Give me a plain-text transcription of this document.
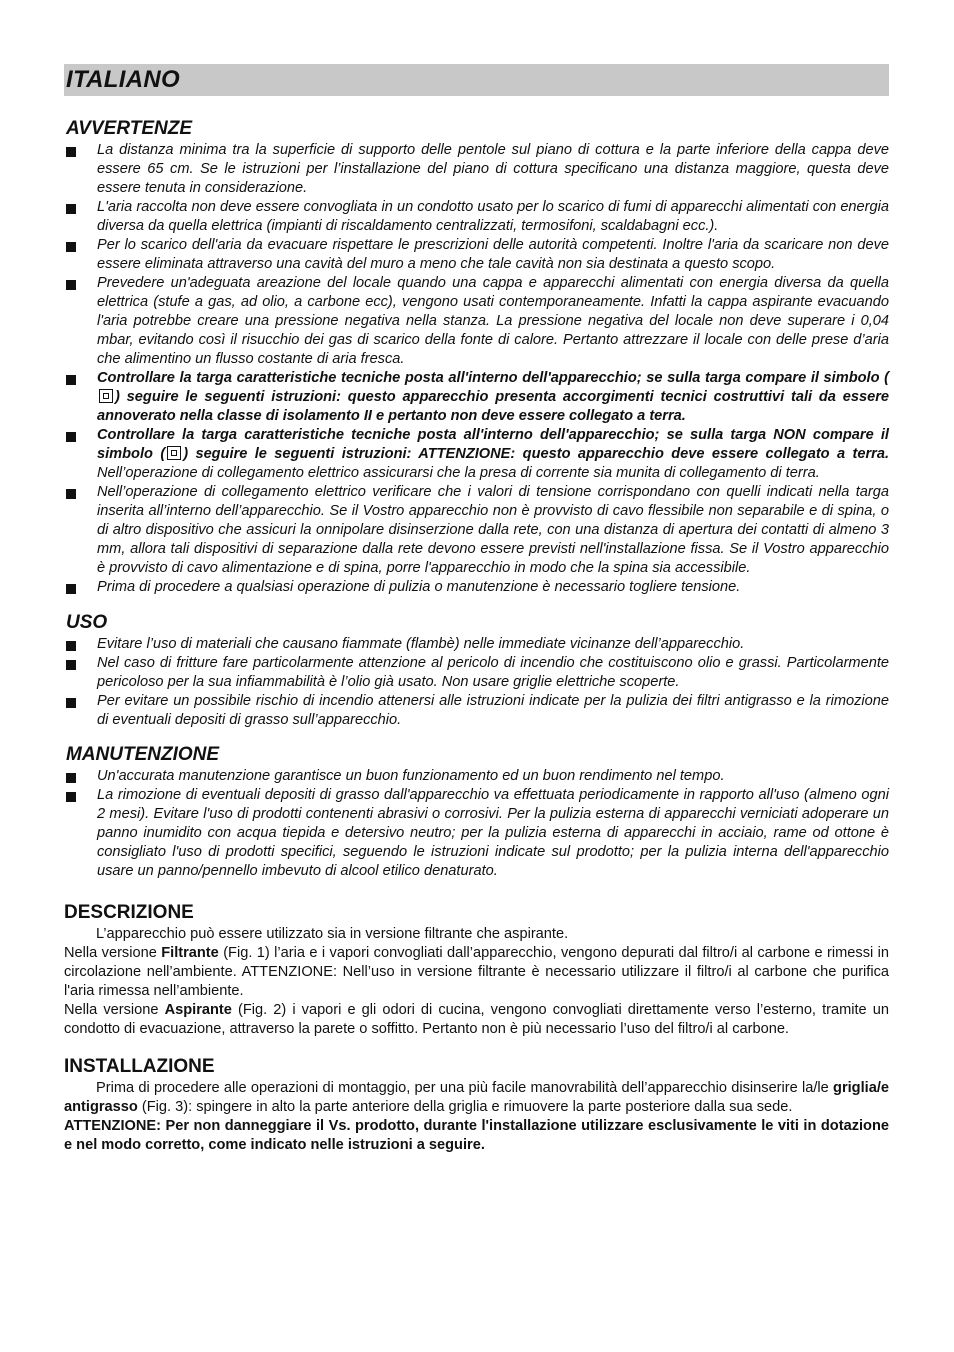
ITALIANO
AVVERTENZE
La distanza minima tra la superficie di supporto delle pentole sul piano di cottura e la parte inferiore della cappa deve essere 65 cm. Se le istruzioni per l’installazione del piano di cottura specificano una distanza maggiore, questa deve essere tenuta in considerazione.
L'aria raccolta non deve essere convogliata in un condotto usato per lo scarico di fumi di apparecchi alimentati con energia diversa da quella elettrica (impianti di riscaldamento centralizzati, termosifoni, scaldabagni ecc.).
Per lo scarico dell'aria da evacuare rispettare le prescrizioni delle autorità competenti. Inoltre l'aria da scaricare non deve essere eliminata attraverso una cavità del muro a meno che tale cavità non sia destinata a questo scopo.
Prevedere un'adeguata areazione del locale quando una cappa e apparecchi alimentati con energia diversa da quella elettrica (stufe a gas, ad olio, a carbone ecc), vengono usati contemporaneamente. Infatti la cappa aspirante evacuando l'aria potrebbe creare una pressione negativa nella stanza. La pressione negativa del locale non deve superare i 0,04 mbar, evitando così il risucchio dei gas di scarico della fonte di calore. Pertanto attrezzare il locale con delle prese d’aria che alimentino un flusso costante di aria fresca.
Controllare la targa caratteristiche tecniche posta all'interno dell'apparecchio; se sulla targa compare il simbolo () seguire le seguenti istruzioni: questo apparecchio presenta accorgimenti tecnici costruttivi tali da essere annoverato nella classe di isolamento II e pertanto non deve essere collegato a terra.
Controllare la targa caratteristiche tecniche posta all'interno dell'apparecchio; se sulla targa NON compare il simbolo ( ) seguire le seguenti istruzioni: ATTENZIONE: questo apparecchio deve essere collegato a terra. Nell’operazione di collegamento elettrico assicurarsi che la presa di corrente sia munita di collegamento di terra.
Nell’operazione di collegamento elettrico verificare che i valori di tensione corrispondano con quelli indicati nella targa inserita all’interno dell’apparecchio. Se il Vostro apparecchio non è provvisto di cavo flessibile non separabile e di spina, o di altro dispositivo che assicuri la onnipolare disinserzione dalla rete, con una distanza di apertura dei contatti di almeno 3 mm, allora tali dispositivi di separazione dalla rete devono essere previsti nell'installazione fissa. Se il Vostro apparecchio è provvisto di cavo alimentazione e di spina, porre l'apparecchio in modo che la spina sia accessibile.
Prima di procedere a qualsiasi operazione di pulizia o manutenzione è necessario togliere tensione.
USO
Evitare l’uso di materiali che causano fiammate (flambè) nelle immediate vicinanze dell’apparecchio.
Nel caso di fritture fare particolarmente attenzione al pericolo di incendio che costituiscono olio e grassi. Particolarmente pericoloso per la sua infiammabilità è l’olio già usato. Non usare griglie elettriche scoperte.
Per evitare un possibile rischio di incendio attenersi alle istruzioni indicate per la pulizia dei filtri antigrasso e la rimozione di eventuali depositi di grasso sull’apparecchio.
MANUTENZIONE
Un'accurata manutenzione garantisce un buon funzionamento ed un buon rendimento nel tempo.
La rimozione di eventuali depositi di grasso dall'apparecchio va effettuata periodicamente in rapporto all'uso (almeno ogni 2 mesi). Evitare l'uso di prodotti contenenti abrasivi o corrosivi. Per la pulizia esterna di apparecchi verniciati adoperare un panno inumidito con acqua tiepida e detersivo neutro; per la pulizia esterna di apparecchi in acciaio, rame od ottone è consigliato l'uso di prodotti specifici, seguendo le istruzioni indicate sul prodotto; per la pulizia interna dell'apparecchio usare un panno/pennello imbevuto di alcool etilico denaturato.
DESCRIZIONE

L’apparecchio può essere utilizzato sia in versione filtrante che aspirante.

Nella versione Filtrante (Fig. 1) l’aria e i vapori convogliati dall’apparecchio, vengono depurati dal filtro/i al carbone e rimessi in circolazione nell’ambiente. ATTENZIONE: Nell’uso in versione filtrante è necessario utilizzare il filtro/i al carbone che purifica l'aria rimessa nell’ambiente.

Nella versione Aspirante (Fig. 2) i vapori e gli odori di cucina, vengono convogliati direttamente verso l’esterno, tramite un condotto di evacuazione, attraverso la parete o soffitto. Pertanto non è più necessario l’uso del filtro/i al carbone.

INSTALLAZIONE

Prima di procedere alle operazioni di montaggio, per una più facile manovrabilità dell’apparecchio disinserire la/le griglia/e antigrasso (Fig. 3): spingere in alto la parte anteriore della griglia e rimuovere la parte posteriore dalla sua sede.

ATTENZIONE: Per non danneggiare il Vs. prodotto, durante l'installazione utilizzare esclusivamente le viti in dotazione e nel modo corretto, come indicato nelle istruzioni a seguire.
